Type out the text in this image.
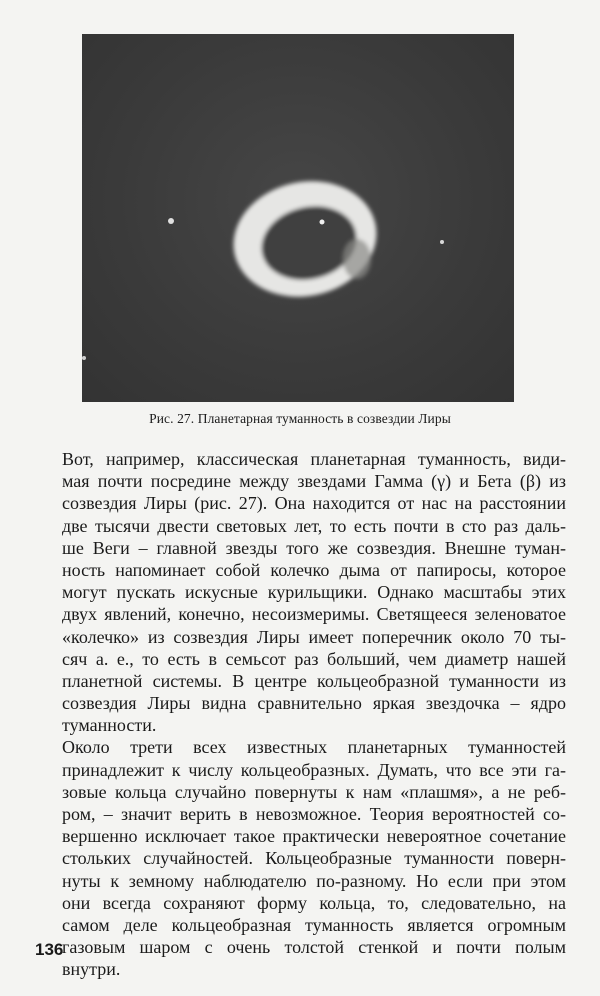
Рис. 27. Планетарная туманность в созвездии Лиры
Вот, например, классическая планетарная туманность, види-
мая почти посредине между звездами Гамма (γ) и Бета (β) из
созвездия Лиры (рис. 27). Она находится от нас на расстоянии
две тысячи двести световых лет, то есть почти в сто раз даль-
ше Веги – главной звезды того же созвездия. Внешне туман-
ность напоминает собой колечко дыма от папиросы, которое
могут пускать искусные курильщики. Однако масштабы этих
двух явлений, конечно, несоизмеримы. Светящееся зеленоватое
«колечко» из созвездия Лиры имеет поперечник около 70 ты-
сяч а. е., то есть в семьсот раз больший, чем диаметр нашей
планетной системы. В центре кольцеобразной туманности из
созвездия Лиры видна сравнительно яркая звездочка – ядро
туманности.
Около трети всех известных планетарных туманностей
принадлежит к числу кольцеобразных. Думать, что все эти га-
зовые кольца случайно повернуты к нам «плашмя», а не реб-
ром, – значит верить в невозможное. Теория вероятностей со-
вершенно исключает такое практически невероятное сочетание
стольких случайностей. Кольцеобразные туманности поверн-
нуты к земному наблюдателю по-разному. Но если при этом
они всегда сохраняют форму кольца, то, следовательно, на
самом деле кольцеобразная туманность является огромным
газовым шаром с очень толстой стенкой и почти полым
внутри.
136
